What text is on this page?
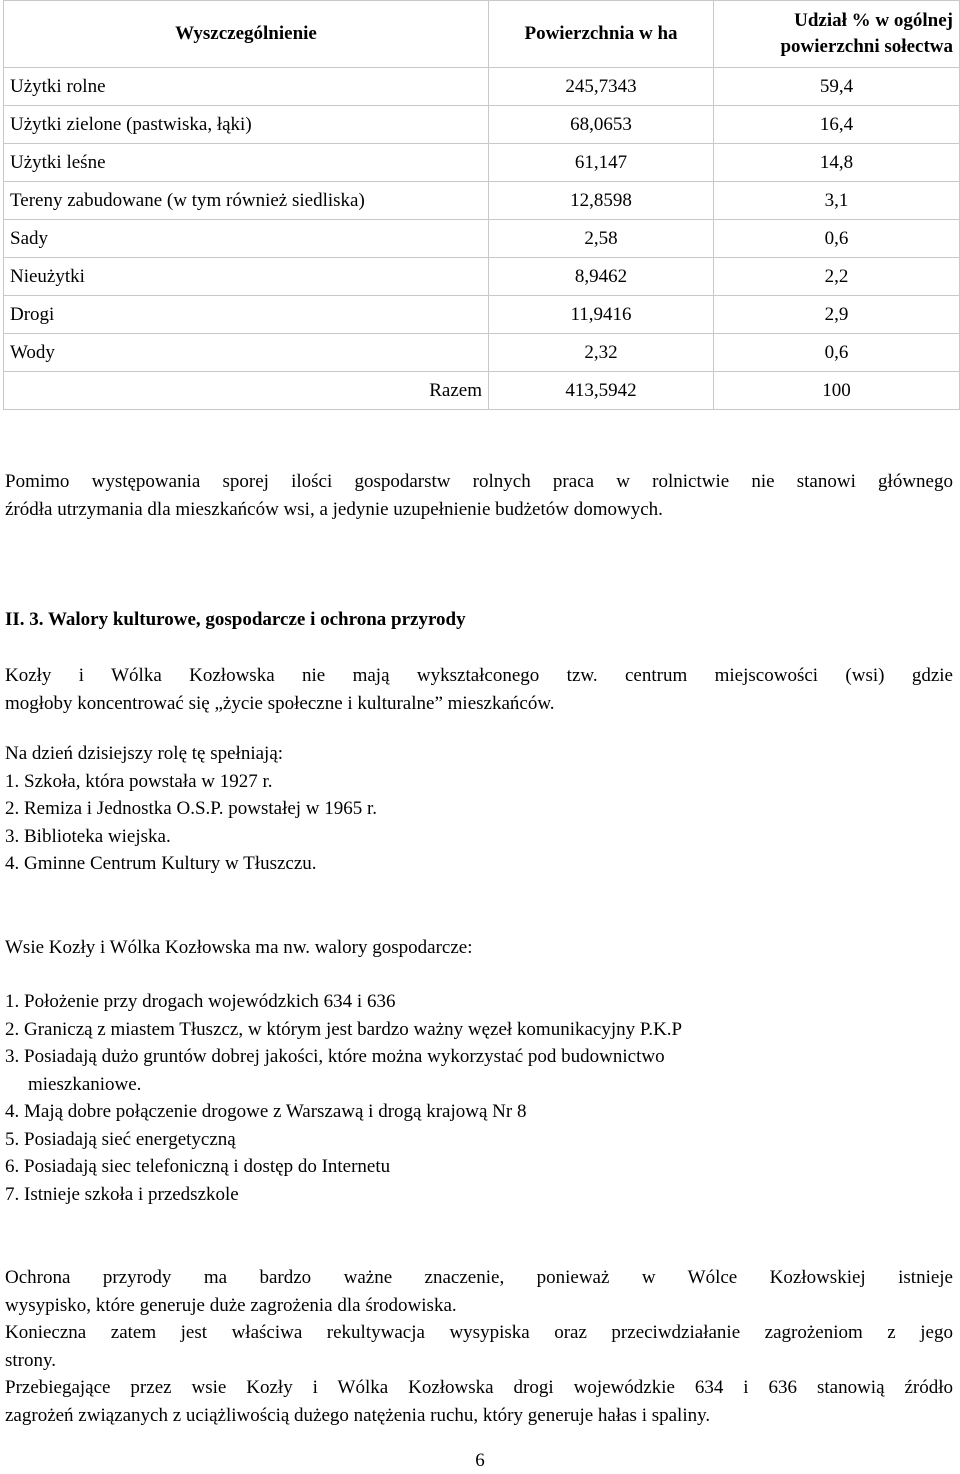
Wyszczególnienie	Powierzchnia w ha	Udział % w ogólnej powierzchni sołectwa
Użytki rolne	245,7343	59,4
Użytki zielone (pastwiska, łąki)	68,0653	16,4
Użytki leśne	61,147	14,8
Tereny zabudowane (w tym również siedliska)	12,8598	3,1
Sady	2,58	0,6
Nieużytki	8,9462	2,2
Drogi	11,9416	2,9
Wody	2,32	0,6
Razem	413,5942	100

Pomimo występowania sporej ilości gospodarstw rolnych praca w rolnictwie nie stanowi głównego

źródła utrzymania dla mieszkańców wsi, a jedynie uzupełnienie budżetów domowych.

II. 3. Walory kulturowe, gospodarcze i ochrona przyrody

Kozły i Wólka Kozłowska nie mają wykształconego tzw. centrum miejscowości (wsi) gdzie

mogłoby koncentrować się „życie społeczne i kulturalne” mieszkańców.

Na dzień dzisiejszy rolę tę spełniają:

1. Szkoła, która powstała w 1927 r.

2. Remiza i Jednostka O.S.P. powstałej w 1965 r.

3. Biblioteka wiejska.

4. Gminne Centrum Kultury w Tłuszczu.

Wsie Kozły i Wólka Kozłowska ma nw. walory gospodarcze:

1. Położenie przy drogach wojewódzkich 634 i 636

2. Graniczą z miastem Tłuszcz, w którym jest bardzo ważny węzeł komunikacyjny P.K.P

3. Posiadają dużo gruntów dobrej jakości, które można wykorzystać pod budownictwo

mieszkaniowe.

4. Mają dobre połączenie drogowe z Warszawą i drogą krajową Nr 8

5. Posiadają sieć energetyczną

6. Posiadają siec telefoniczną i dostęp do Internetu

7. Istnieje szkoła i przedszkole

Ochrona przyrody ma bardzo ważne znaczenie, ponieważ w Wólce Kozłowskiej istnieje

wysypisko, które generuje duże zagrożenia dla środowiska.

Konieczna zatem jest właściwa rekultywacja wysypiska oraz przeciwdziałanie zagrożeniom z jego

strony.

Przebiegające przez wsie Kozły i Wólka Kozłowska drogi wojewódzkie 634 i 636 stanowią źródło

zagrożeń związanych z uciążliwością dużego natężenia ruchu, który generuje hałas i spaliny.

6
